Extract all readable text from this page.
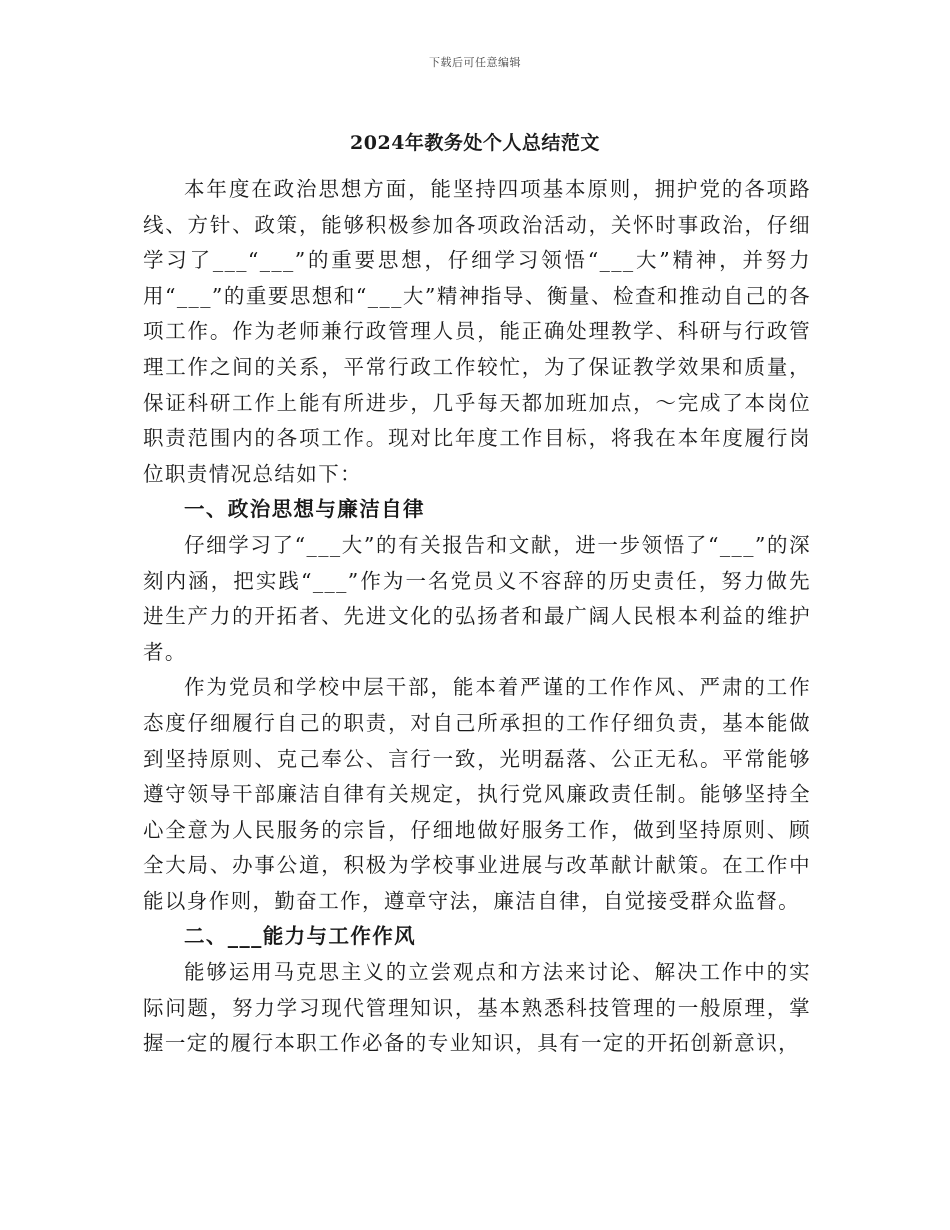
下载后可任意编辑
2024年教务处个人总结范文

本年度在政治思想方面，能坚持四项基本原则，拥护党的各项路线、方针、政策，能够积极参加各项政治活动，关怀时事政治，仔细学习了___“___”的重要思想，仔细学习领悟“___大”精神，并努力用“___”的重要思想和“___大”精神指导、衡量、检查和推动自己的各项工作。作为老师兼行政管理人员，能正确处理教学、科研与行政管理工作之间的关系，平常行政工作较忙，为了保证教学效果和质量，保证科研工作上能有所进步，几乎每天都加班加点，～完成了本岗位职责范围内的各项工作。现对比年度工作目标，将我在本年度履行岗位职责情况总结如下：

一、政治思想与廉洁自律

仔细学习了“___大”的有关报告和文献，进一步领悟了“___”的深刻内涵，把实践“___”作为一名党员义不容辞的历史责任，努力做先进生产力的开拓者、先进文化的弘扬者和最广阔人民根本利益的维护者。

作为党员和学校中层干部，能本着严谨的工作作风、严肃的工作态度仔细履行自己的职责，对自己所承担的工作仔细负责，基本能做到坚持原则、克己奉公、言行一致，光明磊落、公正无私。平常能够遵守领导干部廉洁自律有关规定，执行党风廉政责任制。能够坚持全心全意为人民服务的宗旨，仔细地做好服务工作，做到坚持原则、顾全大局、办事公道，积极为学校事业进展与改革献计献策。在工作中能以身作则，勤奋工作，遵章守法，廉洁自律，自觉接受群众监督。

二、___能力与工作作风

能够运用马克思主义的立尝观点和方法来讨论、解决工作中的实际问题，努力学习现代管理知识，基本熟悉科技管理的一般原理，掌握一定的履行本职工作必备的专业知识，具有一定的开拓创新意识，
